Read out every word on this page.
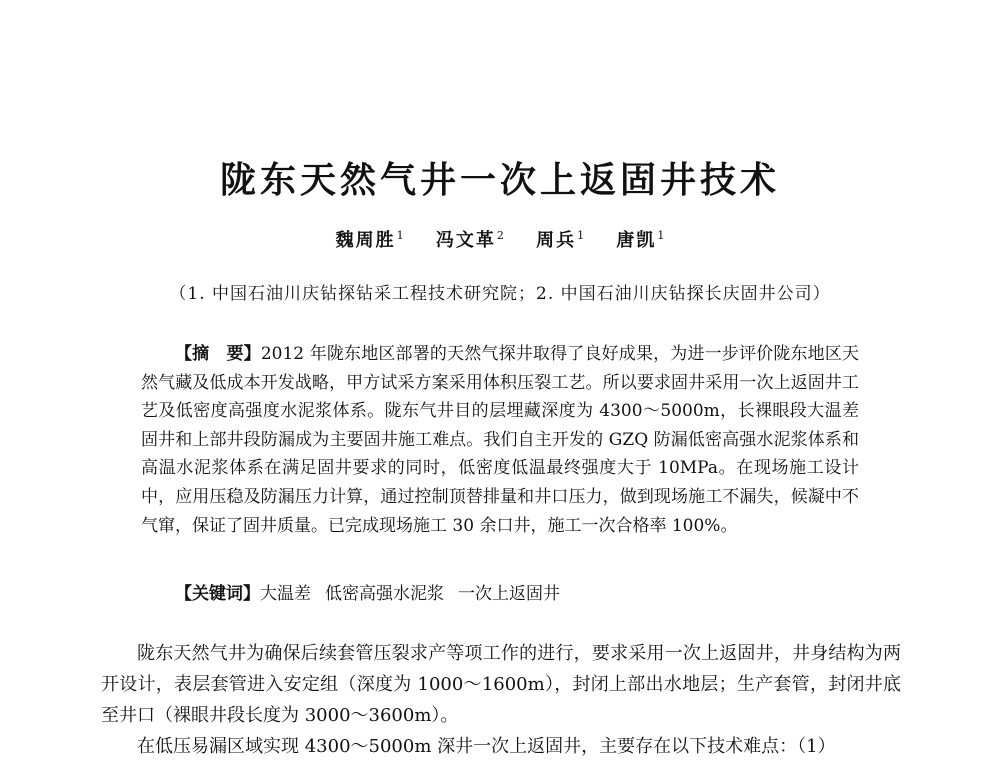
陇东天然气井一次上返固井技术
魏周胜$^1$ 冯文革$^2$ 周兵$^1$ 唐凯$^1$

（1. 中国石油川庆钻探钻采工程技术研究院；2. 中国石油川庆钻探长庆固井公司）

【摘　要】2012 年陇东地区部署的天然气探井取得了良好成果，为进一步评价陇东地区天然气藏及低成本开发战略，甲方试采方案采用体积压裂工艺。所以要求固井采用一次上返固井工艺及低密度高强度水泥浆体系。陇东气井目的层埋藏深度为 4300～5000m，长裸眼段大温差固井和上部井段防漏成为主要固井施工难点。我们自主开发的 GZQ 防漏低密高强水泥浆体系和高温水泥浆体系在满足固井要求的同时，低密度低温最终强度大于 10MPa。在现场施工设计中，应用压稳及防漏压力计算，通过控制顶替排量和井口压力，做到现场施工不漏失，候凝中不气窜，保证了固井质量。已完成现场施工 30 余口井，施工一次合格率 100%。

【关键词】大温差 低密高强水泥浆 一次上返固井

陇东天然气井为确保后续套管压裂求产等项工作的进行，要求采用一次上返固井，井身结构为两开设计，表层套管进入安定组（深度为 1000～1600m），封闭上部出水地层；生产套管，封闭井底至井口（裸眼井段长度为 3000～3600m）。

在低压易漏区域实现 4300～5000m 深井一次上返固井，主要存在以下技术难点：（1）
